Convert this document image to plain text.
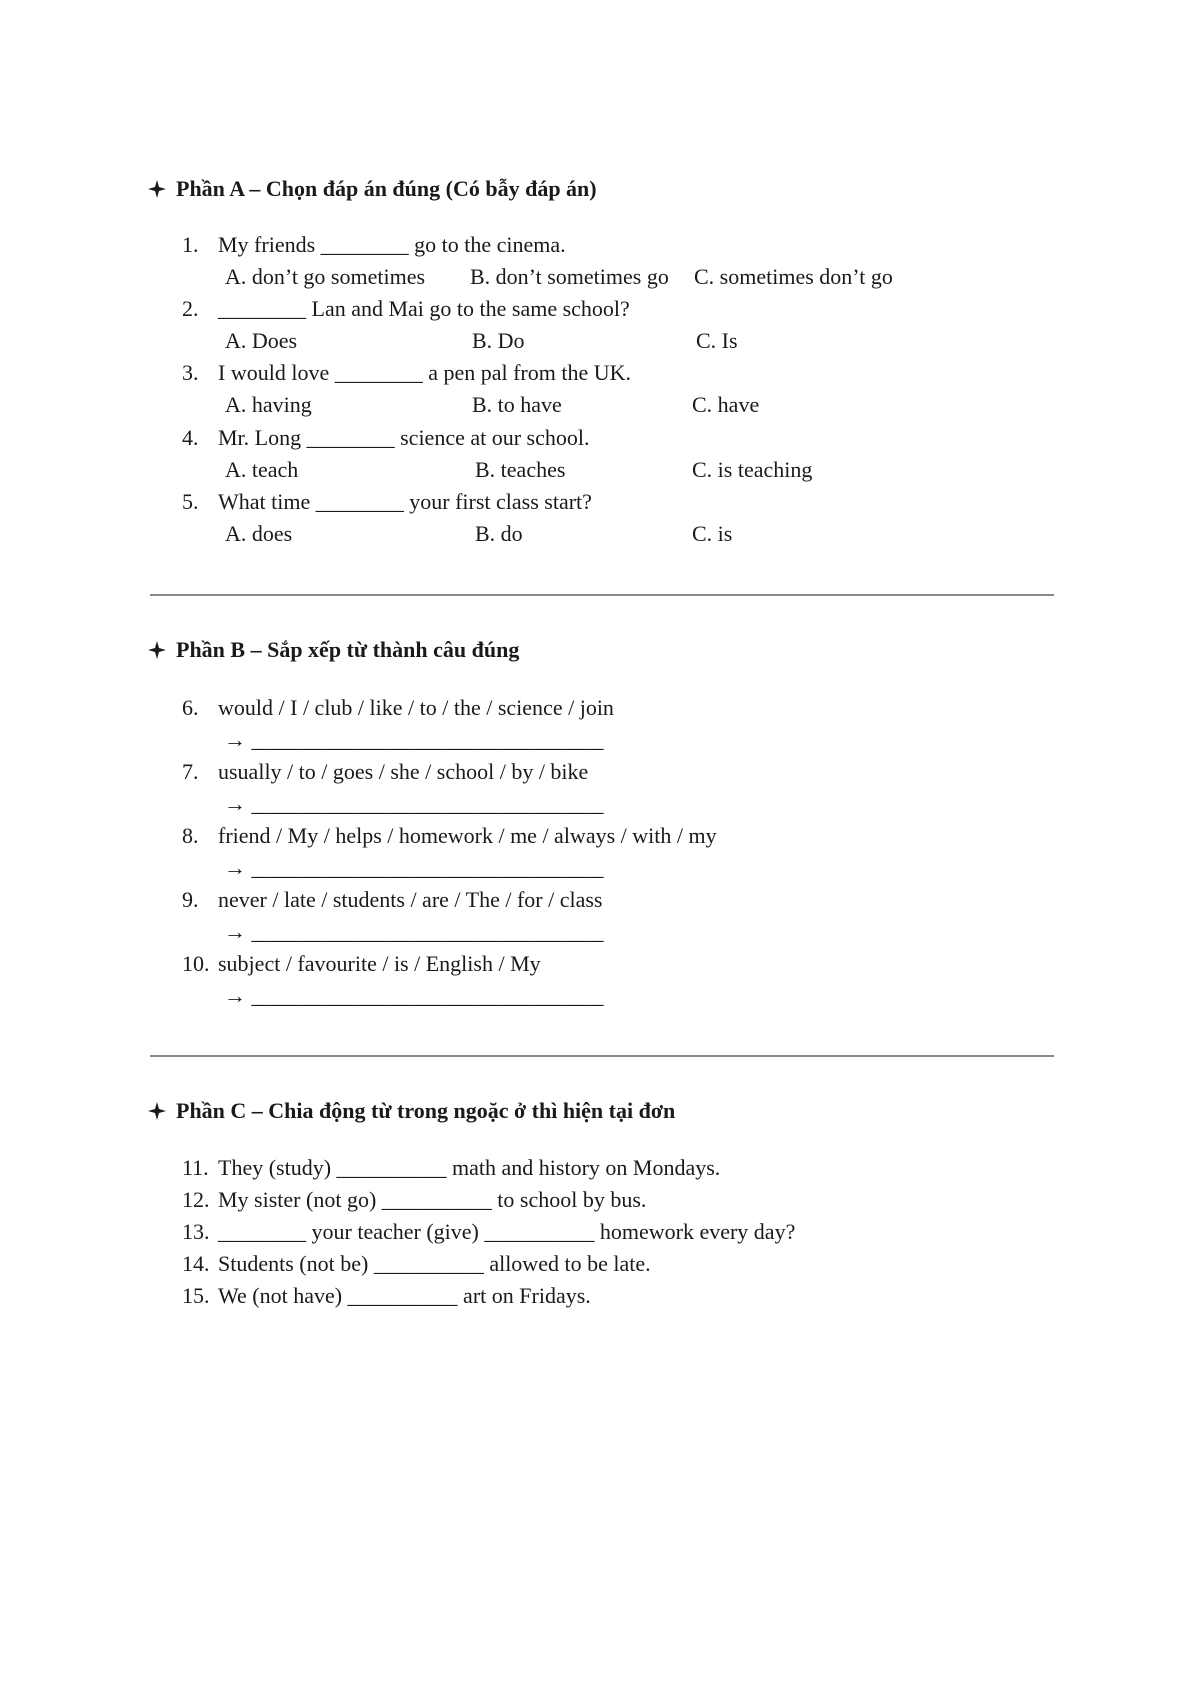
Phần A – Chọn đáp án đúng (Có bẫy đáp án)
1. My friends ________ go to the cinema.
A. don’t go sometimes B. don’t sometimes go C. sometimes don’t go
2. ________ Lan and Mai go to the same school?
A. Does	B. Do	C. Is
3. I would love ________ a pen pal from the UK.
A. having	B. to have	C. have
4. Mr. Long ________ science at our school.
A. teach	B. teaches	C. is teaching
5. What time ________ your first class start?
A. does	B. do	C. is
Phần B – Sắp xếp từ thành câu đúng
6. would / I / club / like / to / the / science / join
→ ________________________________
7. usually / to / goes / she / school / by / bike
→ ________________________________
8. friend / My / helps / homework / me / always / with / my
→ ________________________________
9. never / late / students / are / The / for / class
→ ________________________________
10. subject / favourite / is / English / My
→ ________________________________
Phần C – Chia động từ trong ngoặc ở thì hiện tại đơn
11. They (study) __________ math and history on Mondays.
12. My sister (not go) __________ to school by bus.
13. ________ your teacher (give) __________ homework every day?
14. Students (not be) __________ allowed to be late.
15. We (not have) __________ art on Fridays.
